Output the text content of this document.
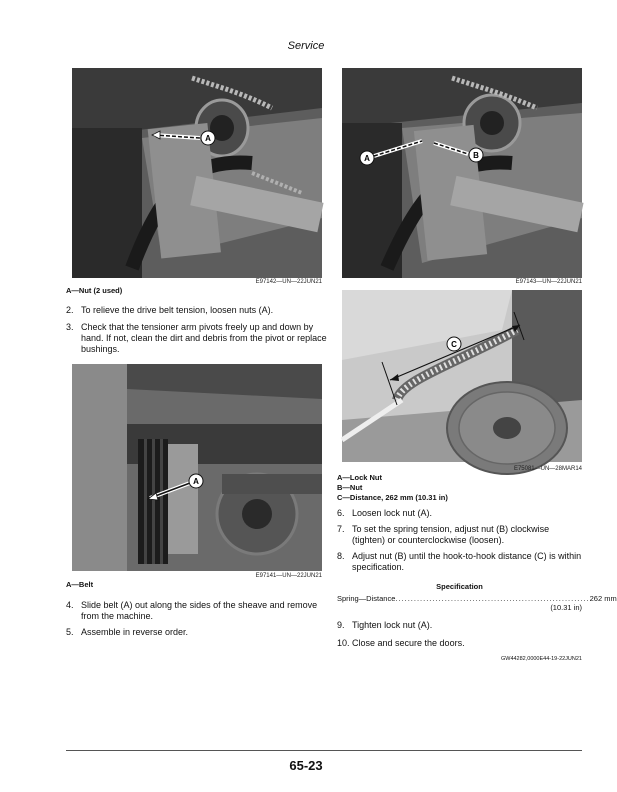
Service
A
E97142—UN—22JUN21
A	B
E97143—UN—22JUN21
A—Nut (2 used)
2. To relieve the drive belt tension, loosen nuts (A).
3. Check that the tensioner arm pivots freely up and down by hand. If not, clean the dirt and debris from the pivot or replace bushings.
A
E97141—UN—22JUN21
A—Belt
4. Slide belt (A) out along the sides of the sheave and remove from the machine.
5. Assemble in reverse order.
C
E75081—UN—28MAR14
A—Lock Nut
B—Nut
C—Distance, 262 mm (10.31 in)
6. Loosen lock nut (A).
7. To set the spring tension, adjust nut (B) clockwise (tighten) or counterclockwise (loosen).
8. Adjust nut (B) until the hook-to-hook distance (C) is within specification.
Specification
Spring—Distance ............................................................... 262 mm
(10.31 in)
9. Tighten lock nut (A).
10. Close and secure the doors.
GW44282,0000E44-19-22JUN21
65-23
